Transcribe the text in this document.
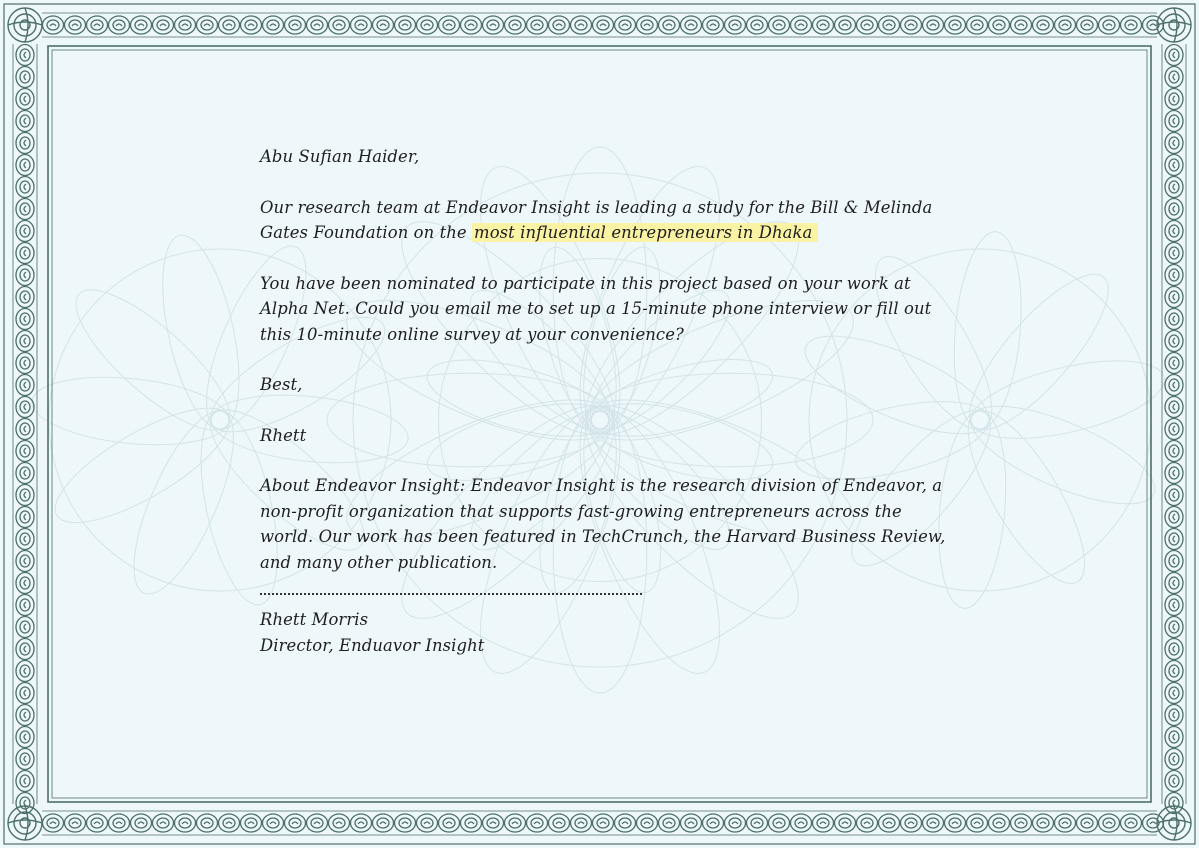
Abu Sufian Haider,

Our research team at Endeavor Insight is leading a study for the Bill & Melinda Gates Foundation on the most influential entrepreneurs in Dhaka

You have been nominated to participate in this project based on your work at Alpha Net. Could you email me to set up a 15-minute phone interview or fill out this 10-minute online survey at your convenience?

Best,

Rhett

About Endeavor Insight: Endeavor Insight is the research division of Endeavor, a non-profit organization that supports fast-growing entrepreneurs across the world. Our work has been featured in TechCrunch, the Harvard Business Review, and many other publication.

Rhett Morris
Director, Enduavor Insight
